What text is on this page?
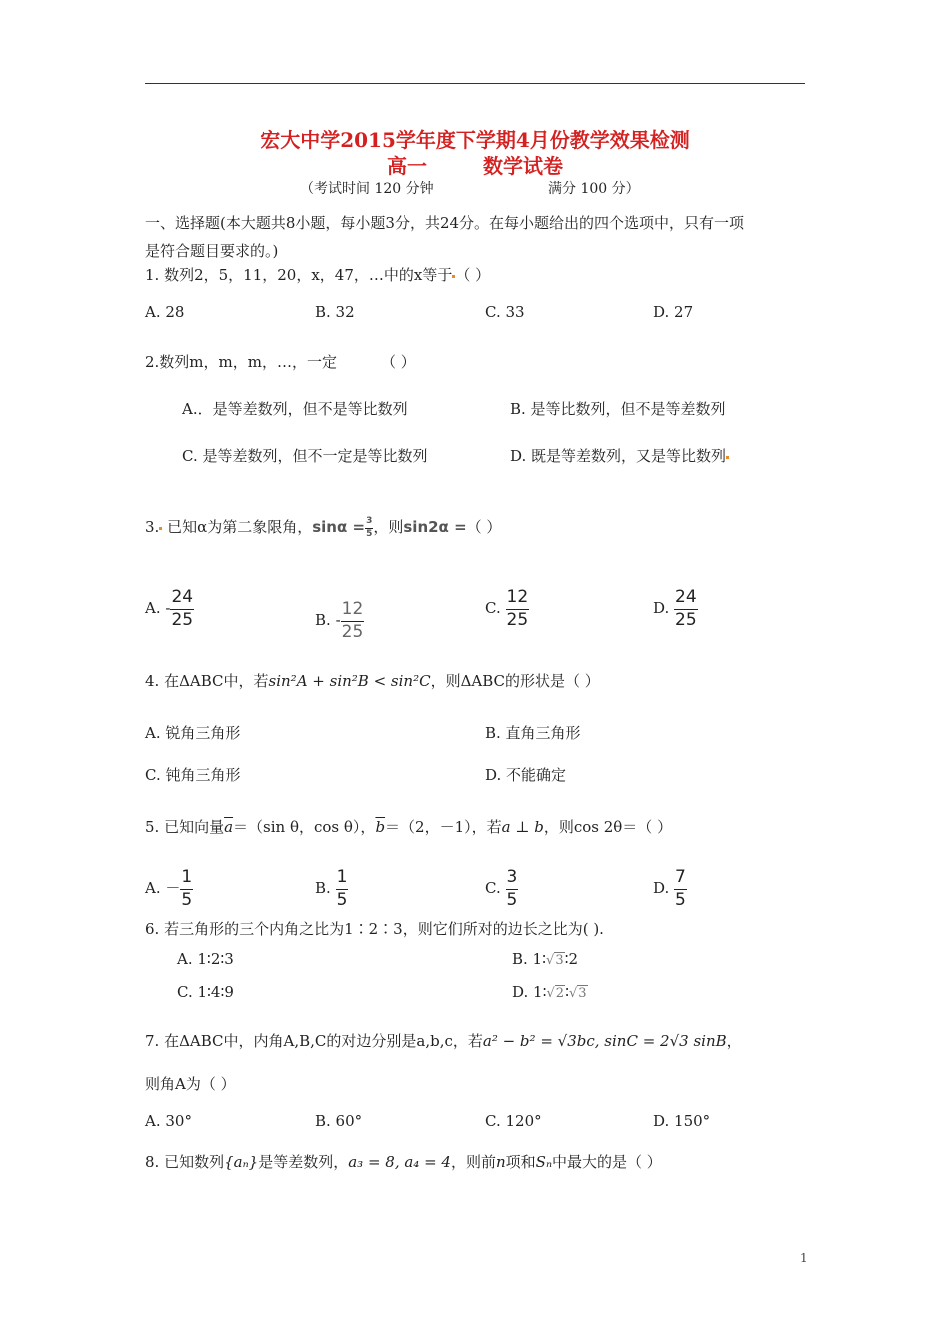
宏大中学2015学年度下学期4月份教学效果检测
高一	数学试卷
（考试时间 120 分钟	满分 100 分）
一、选择题(本大题共8小题，每小题3分，共24分。在每小题给出的四个选项中，只有一项
是符合题目要求的。)
1. 数列2，5，11，20，x，47，…中的x等于 （ ）
A. 28	B. 32	C. 33	D. 27
2.数列m，m，m，…，一定	（ ）
A.．是等差数列，但不是等比数列	B. 是等比数列，但不是等差数列
C. 是等差数列，但不一定是等比数列	D. 既是等差数列，又是等比数列
3. 已知α为第二象限角，$\sin\alpha = \frac{3}{5}$ ，则sin2α =（ ）
A. - $\frac{24}{25}$	B. - $\frac{12}{25}$	C. $\frac{12}{25}$	D. $\frac{24}{25}$
4. 在ΔABC中，若sin²A + sin²B < sin²C，则ΔABC的形状是（ ）
A. 锐角三角形	B. 直角三角形
C. 钝角三角形	D. 不能确定
5. 已知向量$\overline{a}=(\sin$ θ，cos θ），$\overline{b}=(2$，－1），若a ⊥ b，则cos 2θ＝（ ）
A. － $\frac{1}{5}$	B. $\frac{1}{5}$	C. $\frac{3}{5}$	D. $\frac{7}{5}$
6. 若三角形的三个内角之比为1∶2∶3，则它们所对的边长之比为( ).
A. 1∶2∶3	B. 1∶√3∶2
C. 1∶4∶9	D. 1∶√2∶√3
7. 在ΔABC中，内角A,B,C的对边分别是a,b,c，若a² − b² = √3bc, sinC = 2√3 sinB，
则角A为（ ）
A. 30°	B. 60°	C. 120°	D. 150°
8. 已知数列{aₙ}是等差数列，a₃ = 8, a₄ = 4，则前n项和Sₙ中最大的是（ ）
1
